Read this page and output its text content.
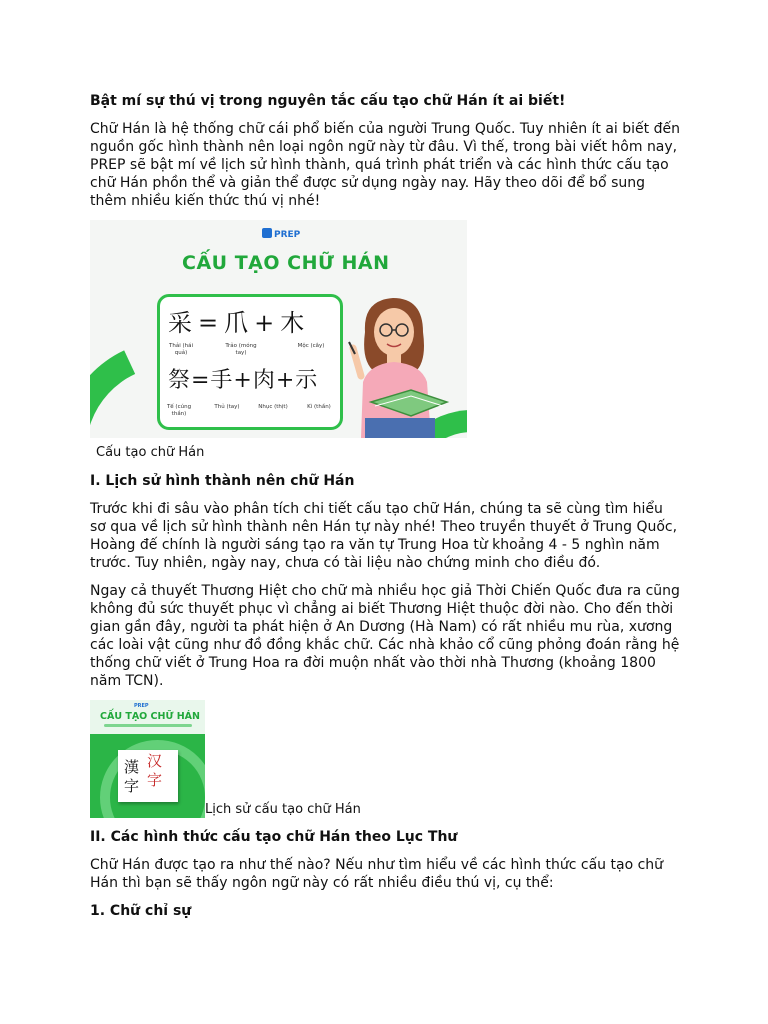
Bật mí sự thú vị trong nguyên tắc cấu tạo chữ Hán ít ai biết!

Chữ Hán là hệ thống chữ cái phổ biến của người Trung Quốc. Tuy nhiên ít ai biết đến nguồn gốc hình thành nên loại ngôn ngữ này từ đâu. Vì thế, trong bài viết hôm nay, PREP sẽ bật mí về lịch sử hình thành, quá trình phát triển và các hình thức cấu tạo chữ Hán phồn thể và giản thể được sử dụng ngày nay. Hãy theo dõi để bổ sung thêm nhiều kiến thức thú vị nhé!

PREP
CẤU TẠO CHỮ HÁN
采=爪+木
Thải (hái quả)
Trảo (móng tay)
Mộc (cây)
祭=手+肉+示
Tế (cúng thần)
Thủ (tay)	Nhục (thịt)	Kì (thần)
Cấu tạo chữ Hán
I. Lịch sử hình thành nên chữ Hán

Trước khi đi sâu vào phân tích chi tiết cấu tạo chữ Hán, chúng ta sẽ cùng tìm hiểu sơ qua về lịch sử hình thành nên Hán tự này nhé! Theo truyền thuyết ở Trung Quốc, Hoàng đế chính là người sáng tạo ra văn tự Trung Hoa từ khoảng 4 - 5 nghìn năm trước. Tuy nhiên, ngày nay, chưa có tài liệu nào chứng minh cho điều đó.

Ngay cả thuyết Thương Hiệt cho chữ mà nhiều học giả Thời Chiến Quốc đưa ra cũng không đủ sức thuyết phục vì chẳng ai biết Thương Hiệt thuộc đời nào. Cho đến thời gian gần đây, người ta phát hiện ở An Dương (Hà Nam) có rất nhiều mu rùa, xương các loài vật cũng như đồ đồng khắc chữ. Các nhà khảo cổ cũng phỏng đoán rằng hệ thống chữ viết ở Trung Hoa ra đời muộn nhất vào thời nhà Thương (khoảng 1800 năm TCN).

PREP
CẤU TẠO CHỮ HÁN
漢
字
汉
字
Lịch sử cấu tạo chữ Hán
II. Các hình thức cấu tạo chữ Hán theo Lục Thư

Chữ Hán được tạo ra như thế nào? Nếu như tìm hiểu về các hình thức cấu tạo chữ Hán thì bạn sẽ thấy ngôn ngữ này có rất nhiều điều thú vị, cụ thể:

1. Chữ chỉ sự
